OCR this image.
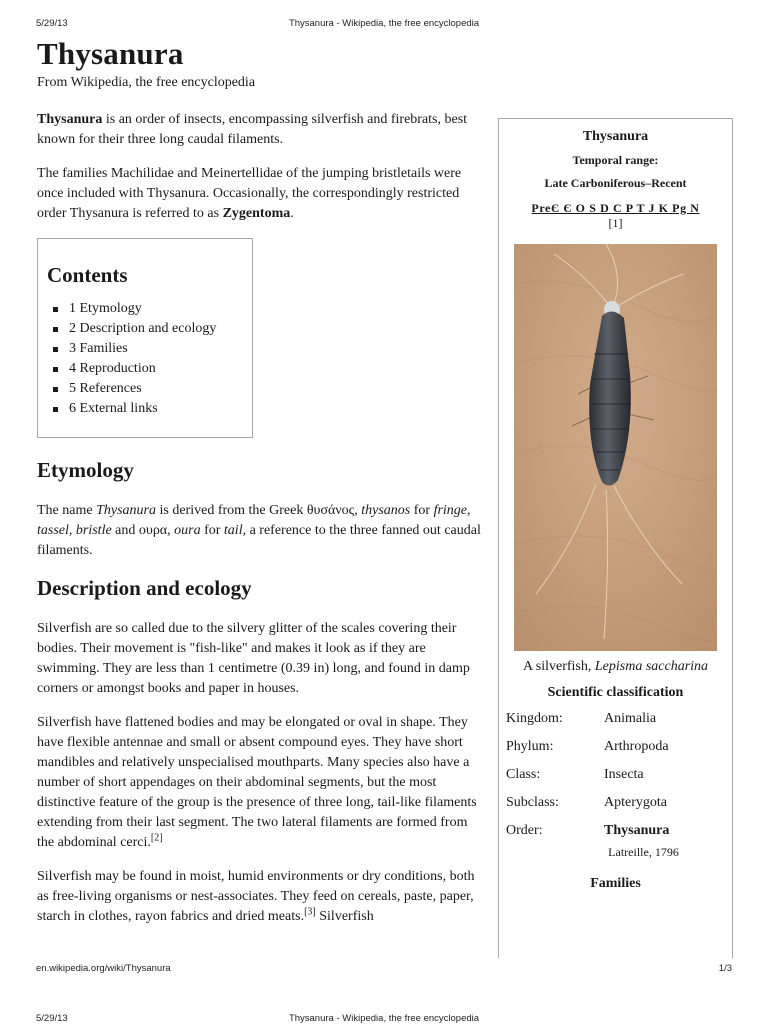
5/29/13	Thysanura - Wikipedia, the free encyclopedia
Thysanura
From Wikipedia, the free encyclopedia

Thysanura is an order of insects, encompassing silverfish and firebrats, best known for their three long caudal filaments.

The families Machilidae and Meinertellidae of the jumping bristletails were once included with Thysanura. Occasionally, the correspondingly restricted order Thysanura is referred to as Zygentoma.

Contents
1 Etymology
2 Description and ecology
3 Families
4 Reproduction
5 References
6 External links
Etymology

The name Thysanura is derived from the Greek θυσάνος, thysanos for fringe, tassel, bristle and ουρα, oura for tail, a reference to the three fanned out caudal filaments.

Description and ecology

Silverfish are so called due to the silvery glitter of the scales covering their bodies. Their movement is "fish-like" and makes it look as if they are swimming. They are less than 1 centimetre (0.39 in) long, and found in damp corners or amongst books and paper in houses.

Silverfish have flattened bodies and may be elongated or oval in shape. They have flexible antennae and small or absent compound eyes. They have short mandibles and relatively unspecialised mouthparts. Many species also have a number of short appendages on their abdominal segments, but the most distinctive feature of the group is the presence of three long, tail-like filaments extending from their last segment. The two lateral filaments are formed from the abdominal cerci.[2]

Silverfish may be found in moist, humid environments or dry conditions, both as free-living organisms or nest-associates. They feed on cereals, paste, paper, starch in clothes, rayon fabrics and dried meats.[3] Silverfish

Thysanura
Temporal range:
Late Carboniferous–Recent
PreЄ Є O S D C P T J K Pg N
[1]
A silverfish, Lepisma saccharina
Scientific classification
Kingdom:	Animalia
Phylum:	Arthropoda
Class:	Insecta
Subclass:	Apterygota
Order:	Thysanura
Latreille, 1796
Families
en.wikipedia.org/wiki/Thysanura	1/3
5/29/13	Thysanura - Wikipedia, the free encyclopedia
